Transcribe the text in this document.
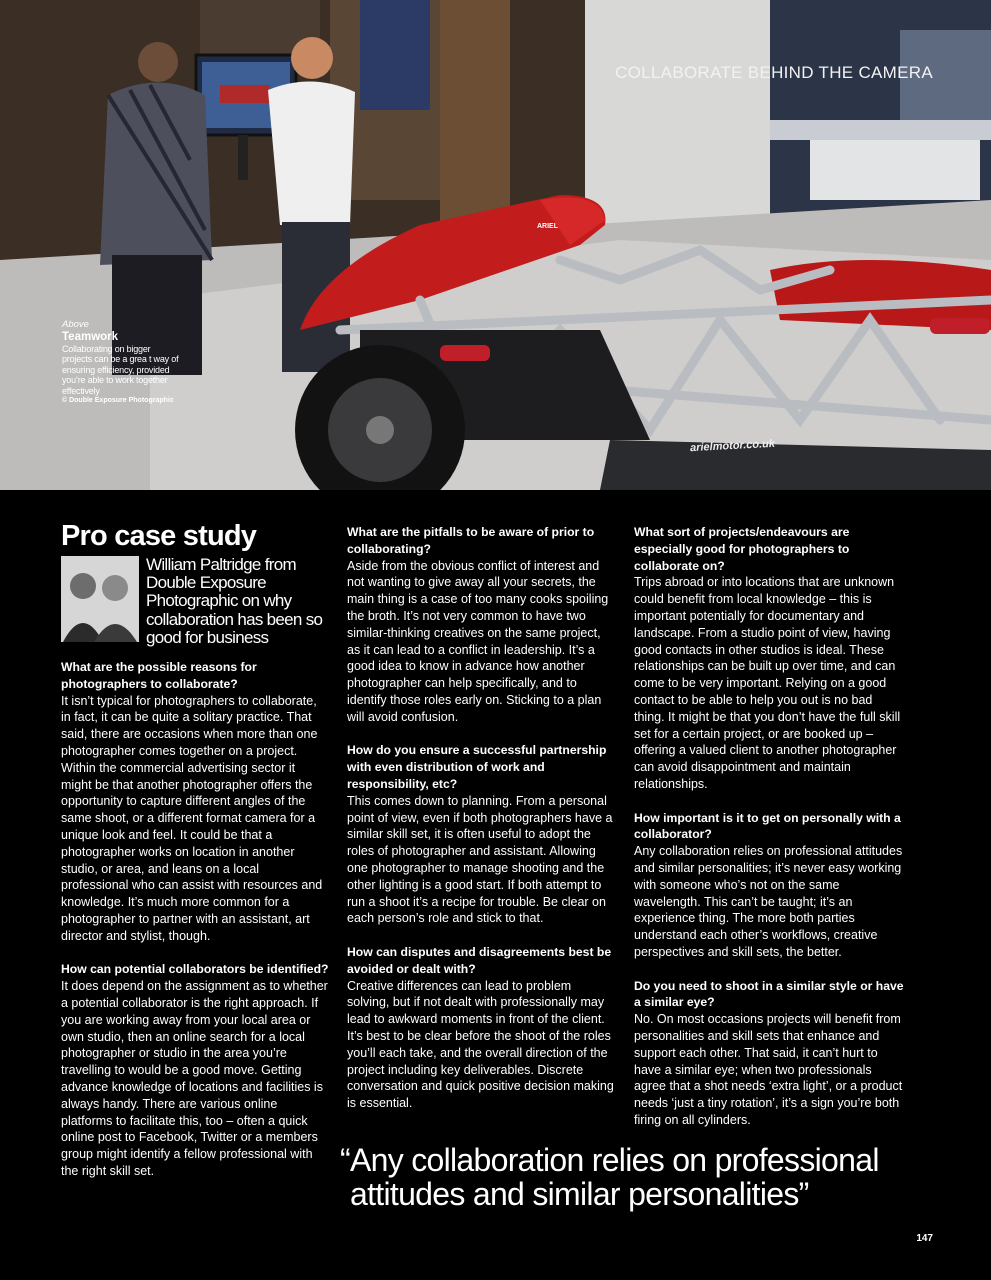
ARIEL
arielmotor.co.uk
COLLABORATE BEHIND THE CAMERA
Above
Teamwork
Collaborating on bigger projects can be a grea t way of ensuring efficiency, provided you’re able to work together effectively
© Double Exposure Photographic
Pro case study
William Paltridge from Double Exposure Photographic on why collaboration has been so good for business
What are the possible reasons for photographers to collaborate?

It isn’t typical for photographers to collaborate, in fact, it can be quite a solitary practice. That said, there are occasions when more than one photographer comes together on a project. Within the commercial advertising sector it might be that another photographer offers the opportunity to capture different angles of the same shoot, or a different format camera for a unique look and feel. It could be that a photographer works on location in another studio, or area, and leans on a local professional who can assist with resources and knowledge. It’s much more common for a photographer to partner with an assistant, art director and stylist, though.

How can potential collaborators be identified?

It does depend on the assignment as to whether a potential collaborator is the right approach. If you are working away from your local area or own studio, then an online search for a local photographer or studio in the area you’re travelling to would be a good move. Getting advance knowledge of locations and facilities is always handy. There are various online platforms to facilitate this, too – often a quick online post to Facebook, Twitter or a members group might identify a fellow professional with the right skill set.

What are the pitfalls to be aware of prior to collaborating?

Aside from the obvious conflict of interest and not wanting to give away all your secrets, the main thing is a case of too many cooks spoiling the broth. It’s not very common to have two similar-thinking creatives on the same project, as it can lead to a conflict in leadership. It’s a good idea to know in advance how another photographer can help specifically, and to identify those roles early on. Sticking to a plan will avoid confusion.

How do you ensure a successful partnership with even distribution of work and responsibility, etc?

This comes down to planning. From a personal point of view, even if both photographers have a similar skill set, it is often useful to adopt the roles of photographer and assistant. Allowing one photographer to manage shooting and the other lighting is a good start. If both attempt to run a shoot it’s a recipe for trouble. Be clear on each person’s role and stick to that.

How can disputes and disagreements best be avoided or dealt with?

Creative differences can lead to problem solving, but if not dealt with professionally may lead to awkward moments in front of the client. It’s best to be clear before the shoot of the roles you’ll each take, and the overall direction of the project including key deliverables. Discrete conversation and quick positive decision making is essential.

What sort of projects/endeavours are especially good for photographers to collaborate on?

Trips abroad or into locations that are unknown could benefit from local knowledge – this is important potentially for documentary and landscape. From a studio point of view, having good contacts in other studios is ideal. These relationships can be built up over time, and can come to be very important. Relying on a good contact to be able to help you out is no bad thing. It might be that you don’t have the full skill set for a certain project, or are booked up – offering a valued client to another photographer can avoid disappointment and maintain relationships.

How important is it to get on personally with a collaborator?

Any collaboration relies on professional attitudes and similar personalities; it’s never easy working with someone who’s not on the same wavelength. This can’t be taught; it’s an experience thing. The more both parties understand each other’s workflows, creative perspectives and skill sets, the better.

Do you need to shoot in a similar style or have a similar eye?

No. On most occasions projects will benefit from personalities and skill sets that enhance and support each other. That said, it can’t hurt to have a similar eye; when two professionals agree that a shot needs ‘extra light’, or a product needs ‘just a tiny rotation’, it’s a sign you’re both firing on all cylinders.

“Any collaboration relies on professional
attitudes and similar personalities”
147
